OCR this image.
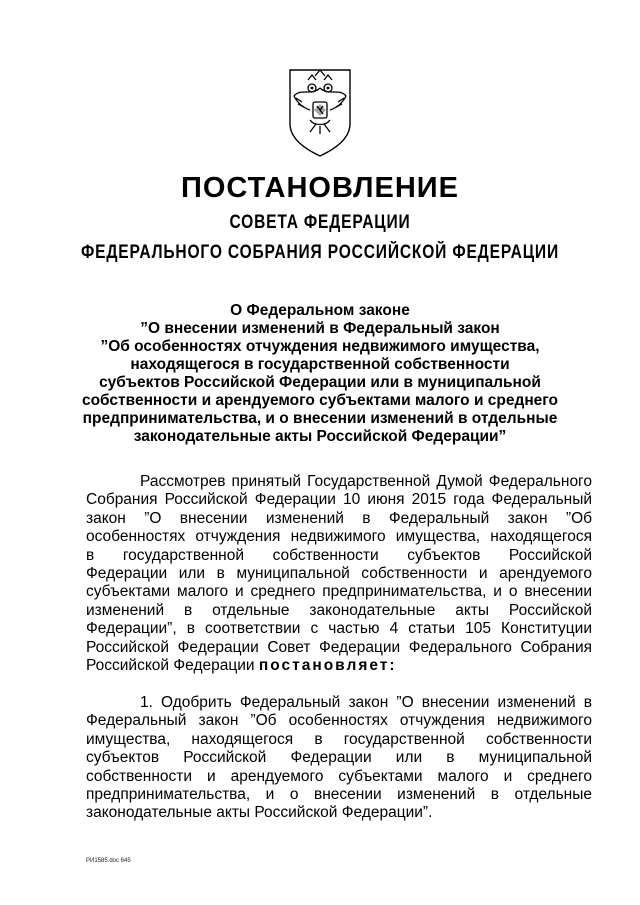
ПОСТАНОВЛЕНИЕ
СОВЕТА ФЕДЕРАЦИИ
ФЕДЕРАЛЬНОГО СОБРАНИЯ РОССИЙСКОЙ ФЕДЕРАЦИИ
О Федеральном законе
”О внесении изменений в Федеральный закон
”Об особенностях отчуждения недвижимого имущества,
находящегося в государственной собственности
субъектов Российской Федерации или в муниципальной
собственности и арендуемого субъектами малого и среднего
предпринимательства, и о внесении изменений в отдельные
законодательные акты Российской Федерации”
Рассмотрев принятый Государственной Думой Федерального
Собрания Российской Федерации 10 июня 2015 года Федеральный
закон ”О внесении изменений в Федеральный закон ”Об
особенностях отчуждения недвижимого имущества, находящегося
в государственной собственности субъектов Российской
Федерации или в муниципальной собственности и арендуемого
субъектами малого и среднего предпринимательства, и о внесении
изменений в отдельные законодательные акты Российской
Федерации”, в соответствии с частью 4 статьи 105 Конституции
Российской Федерации Совет Федерации Федерального Собрания
Российской Федерации постановляет:
1. Одобрить Федеральный закон ”О внесении изменений в
Федеральный закон ”Об особенностях отчуждения недвижимого
имущества, находящегося в государственной собственности
субъектов Российской Федерации или в муниципальной
собственности и арендуемого субъектами малого и среднего
предпринимательства, и о внесении изменений в отдельные
законодательные акты Российской Федерации”.
РИ1585.doc 645
